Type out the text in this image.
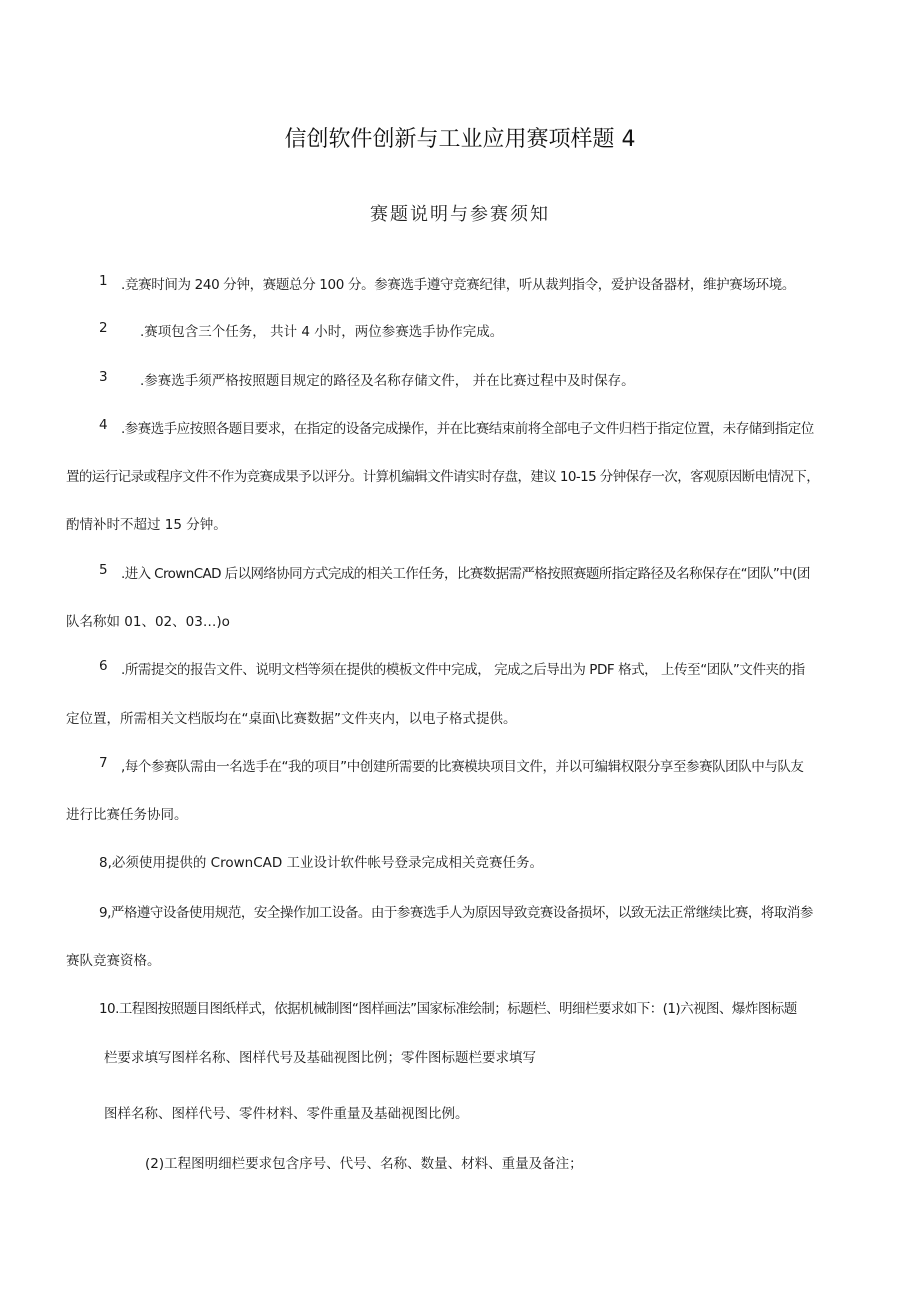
信创软件创新与工业应用赛项样题 4
赛题说明与参赛须知
1 .竞赛时间为 240 分钟，赛题总分 100 分。参赛选手遵守竞赛纪律，听从裁判指令，爱护设备器材，维护赛场环境。
2 .赛项包含三个任务， 共计 4 小时，两位参赛选手协作完成。
3 .参赛选手须严格按照题目规定的路径及名称存储文件， 并在比赛过程中及时保存。
4 .参赛选手应按照各题目要求，在指定的设备完成操作，并在比赛结束前将全部电子文件归档于指定位置，未存储到指定位
置的运行记录或程序文件不作为竞赛成果予以评分。计算机编辑文件请实时存盘，建议 10-15 分钟保存一次，客观原因断电情况下，
酌情补时不超过 15 分钟。
5 .进入 CrownCAD 后以网络协同方式完成的相关工作任务，比赛数据需严格按照赛题所指定路径及名称保存在“团队”中(团
队名称如 01、02、03…)o
6 .所需提交的报告文件、说明文档等须在提供的模板文件中完成， 完成之后导出为 PDF 格式， 上传至“团队”文件夹的指
定位置，所需相关文档版均在“桌面\比赛数据”文件夹内，以电子格式提供。
7 ,每个参赛队需由一名选手在“我的项目”中创建所需要的比赛模块项目文件，并以可编辑权限分享至参赛队团队中与队友
进行比赛任务协同。
8,必须使用提供的 CrownCAD 工业设计软件帐号登录完成相关竞赛任务。
9,严格遵守设备使用规范，安全操作加工设备。由于参赛选手人为原因导致竞赛设备损坏，以致无法正常继续比赛，将取消参
赛队竞赛资格。
10.工程图按照题目图纸样式，依据机械制图“图样画法”国家标准绘制；标题栏、明细栏要求如下：(1)六视图、爆炸图标题
栏要求填写图样名称、图样代号及基础视图比例；零件图标题栏要求填写
图样名称、图样代号、零件材料、零件重量及基础视图比例。
(2)工程图明细栏要求包含序号、代号、名称、数量、材料、重量及备注；
